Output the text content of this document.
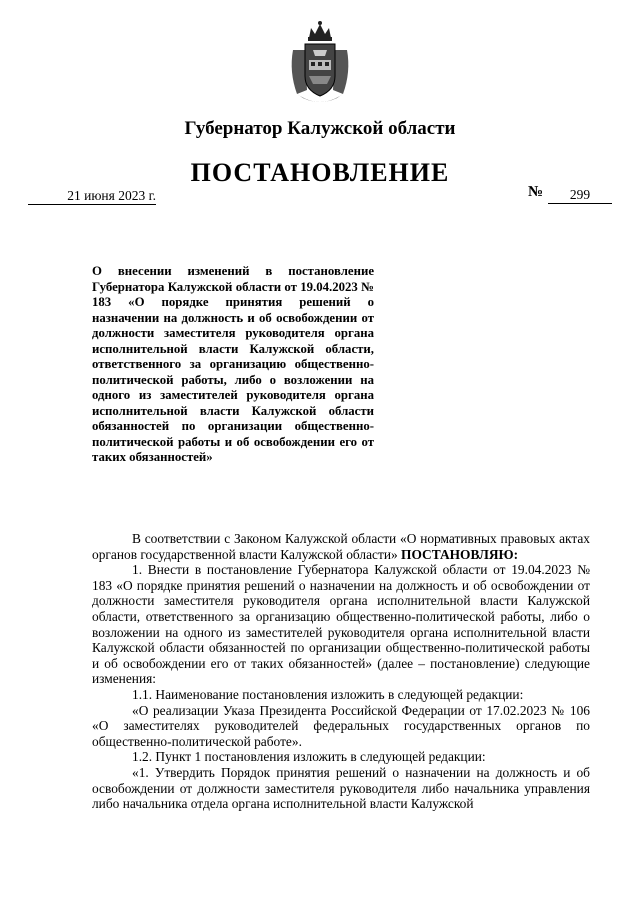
Губернатор Калужской области
ПОСТАНОВЛЕНИЕ
21 июня 2023 г.	№	299
О внесении изменений в постановление Губернатора Калужской области от 19.04.2023 № 183 «О порядке принятия решений о назначении на должность и об освобождении от должности заместителя руководителя органа исполнительной власти Калужской области, ответственного за организацию общественно-политической работы, либо о возложении на одного из заместителей руководителя органа исполнительной власти Калужской области обязанностей по организации общественно-политической работы и об освобождении его от таких обязанностей»

В соответствии с Законом Калужской области «О нормативных правовых актах органов государственной власти Калужской области» ПОСТАНОВЛЯЮ:

1. Внести в постановление Губернатора Калужской области от 19.04.2023 № 183 «О порядке принятия решений о назначении на должность и об освобождении от должности заместителя руководителя органа исполнительной власти Калужской области, ответственного за организацию общественно-политической работы, либо о возложении на одного из заместителей руководителя органа исполнительной власти Калужской области обязанностей по организации общественно-политической работы и об освобождении его от таких обязанностей» (далее – постановление) следующие изменения:

1.1. Наименование постановления изложить в следующей редакции:

«О реализации Указа Президента Российской Федерации от 17.02.2023 № 106 «О заместителях руководителей федеральных государственных органов по общественно-политической работе».

1.2. Пункт 1 постановления изложить в следующей редакции:

«1. Утвердить Порядок принятия решений о назначении на должность и об освобождении от должности заместителя руководителя либо начальника управления либо начальника отдела органа исполнительной власти Калужской
